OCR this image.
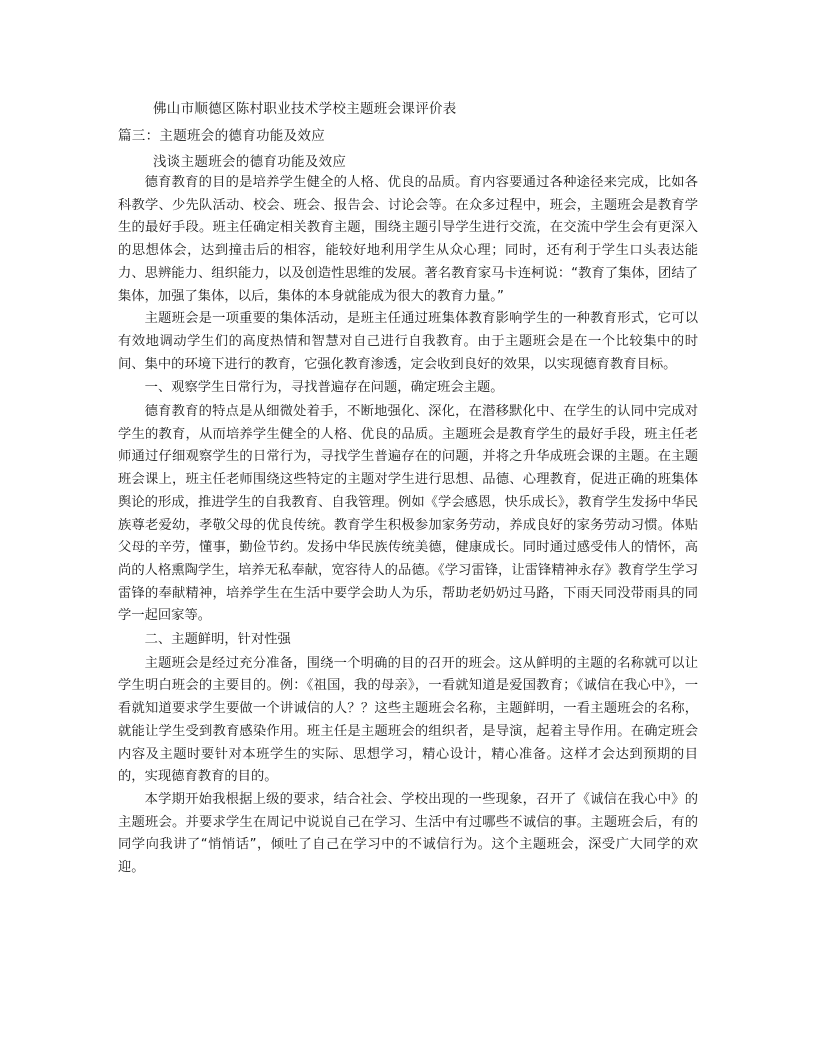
佛山市顺德区陈村职业技术学校主题班会课评价表
篇三：主题班会的德育功能及效应
浅谈主题班会的德育功能及效应

德育教育的目的是培养学生健全的人格、优良的品质。育内容要通过各种途径来完成，比如各科教学、少先队活动、校会、班会、报告会、讨论会等。在众多过程中，班会，主题班会是教育学生的最好手段。班主任确定相关教育主题，围绕主题引导学生进行交流，在交流中学生会有更深入的思想体会，达到撞击后的相容，能较好地利用学生从众心理；同时，还有利于学生口头表达能力、思辨能力、组织能力，以及创造性思维的发展。著名教育家马卡连柯说：“教育了集体，团结了集体，加强了集体，以后，集体的本身就能成为很大的教育力量。”

主题班会是一项重要的集体活动，是班主任通过班集体教育影响学生的一种教育形式，它可以有效地调动学生们的高度热情和智慧对自己进行自我教育。由于主题班会是在一个比较集中的时间、集中的环境下进行的教育，它强化教育渗透，定会收到良好的效果，以实现德育教育目标。

一、观察学生日常行为，寻找普遍存在问题，确定班会主题。

德育教育的特点是从细微处着手，不断地强化、深化，在潜移默化中、在学生的认同中完成对学生的教育，从而培养学生健全的人格、优良的品质。主题班会是教育学生的最好手段，班主任老师通过仔细观察学生的日常行为，寻找学生普遍存在的问题，并将之升华成班会课的主题。在主题班会课上，班主任老师围绕这些特定的主题对学生进行思想、品德、心理教育，促进正确的班集体舆论的形成，推进学生的自我教育、自我管理。例如《学会感恩，快乐成长》，教育学生发扬中华民族尊老爱幼，孝敬父母的优良传统。教育学生积极参加家务劳动，养成良好的家务劳动习惯。体贴父母的辛劳，懂事，勤俭节约。发扬中华民族传统美德，健康成长。同时通过感受伟人的情怀，高尚的人格熏陶学生，培养无私奉献，宽容待人的品德。《学习雷锋，让雷锋精神永存》教育学生学习雷锋的奉献精神，培养学生在生活中要学会助人为乐，帮助老奶奶过马路，下雨天同没带雨具的同学一起回家等。

二、主题鲜明，针对性强

主题班会是经过充分准备，围绕一个明确的目的召开的班会。这从鲜明的主题的名称就可以让学生明白班会的主要目的。例：《祖国，我的母亲》，一看就知道是爱国教育；《诚信在我心中》，一看就知道要求学生要做一个讲诚信的人？？这些主题班会名称，主题鲜明，一看主题班会的名称，就能让学生受到教育感染作用。班主任是主题班会的组织者，是导演，起着主导作用。在确定班会内容及主题时要针对本班学生的实际、思想学习，精心设计，精心准备。这样才会达到预期的目的，实现德育教育的目的。

本学期开始我根据上级的要求，结合社会、学校出现的一些现象，召开了《诚信在我心中》的主题班会。并要求学生在周记中说说自己在学习、生活中有过哪些不诚信的事。主题班会后，有的同学向我讲了“悄悄话”，倾吐了自己在学习中的不诚信行为。这个主题班会，深受广大同学的欢迎。
